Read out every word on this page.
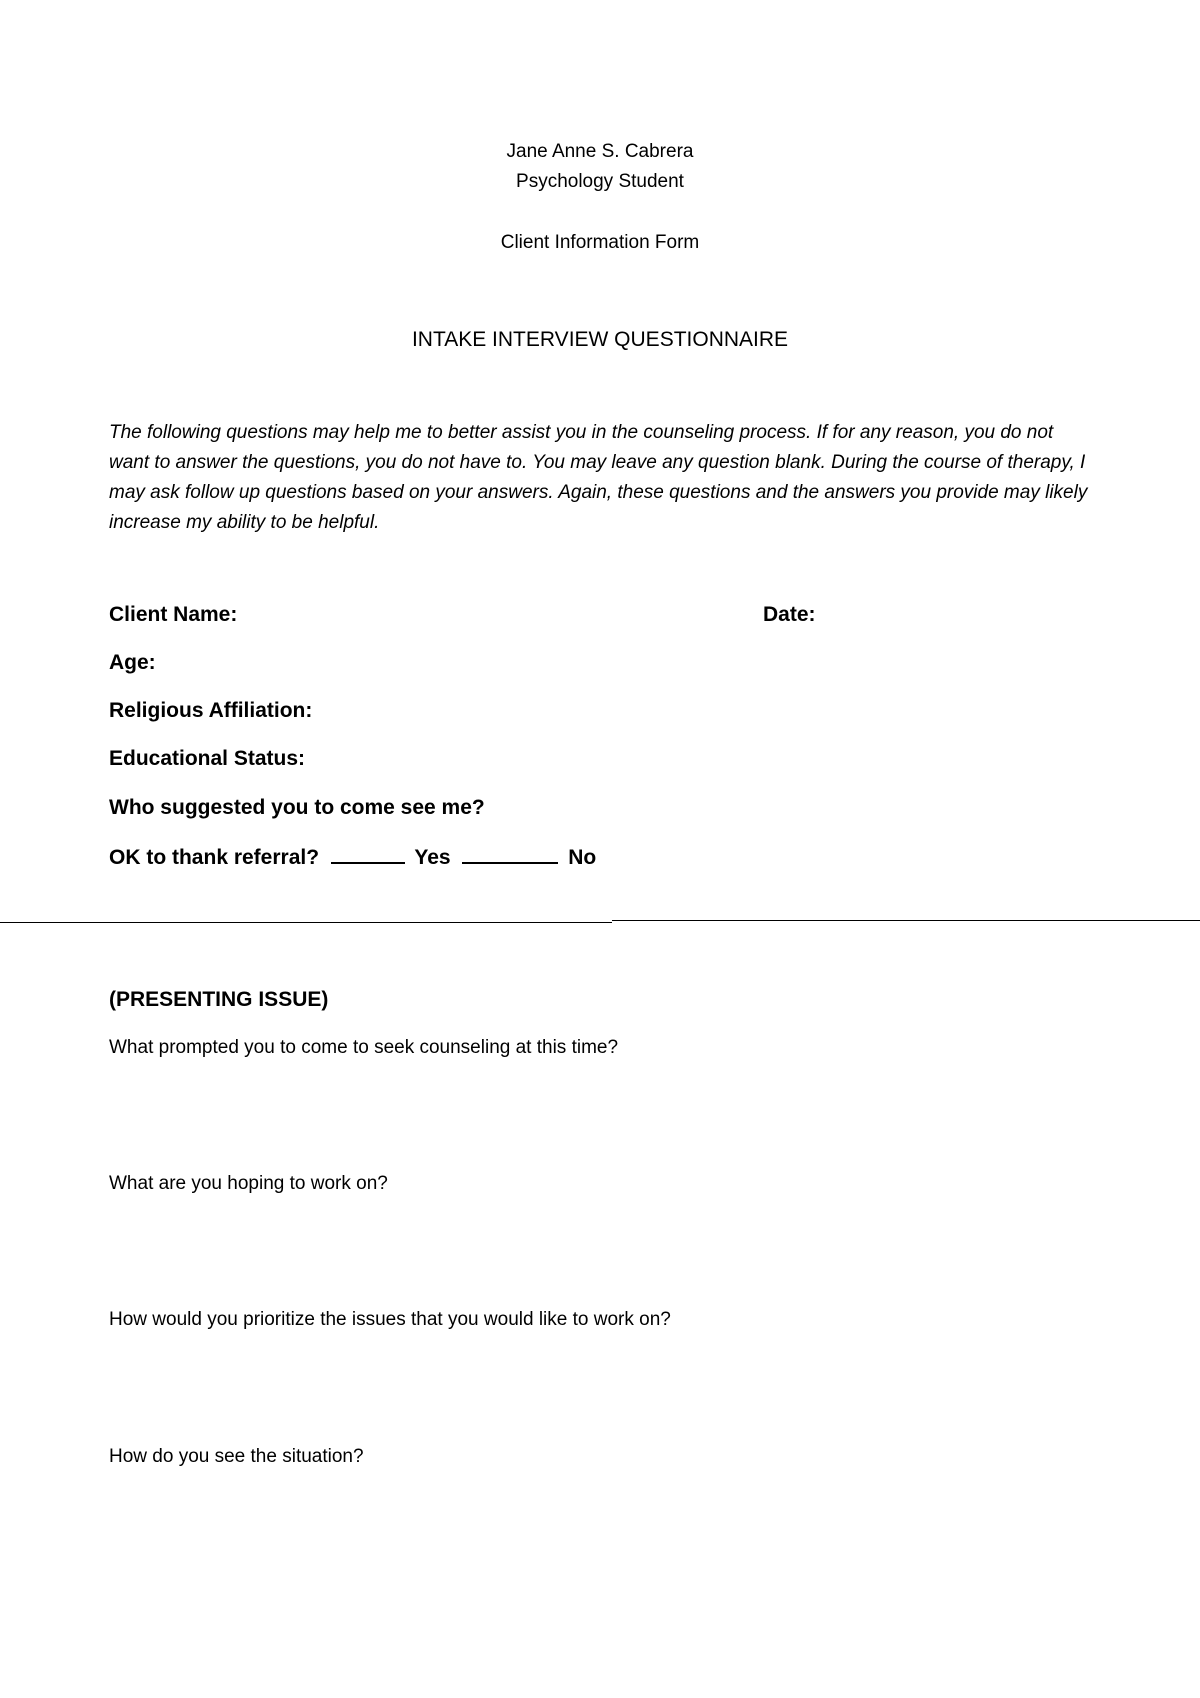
Jane Anne S. Cabrera
Psychology Student
Client Information Form
INTAKE INTERVIEW QUESTIONNAIRE
The following questions may help me to better assist you in the counseling process. If for any reason, you do not want to answer the questions, you do not have to. You may leave any question blank. During the course of therapy, I may ask follow up questions based on your answers. Again, these questions and the answers you provide may likely increase my ability to be helpful.
Client Name:	Date:
Age:
Religious Affiliation:
Educational Status:
Who suggested you to come see me?
OK to thank referral?	Yes	No
(PRESENTING ISSUE)
What prompted you to come to seek counseling at this time?
What are you hoping to work on?
How would you prioritize the issues that you would like to work on?
How do you see the situation?
